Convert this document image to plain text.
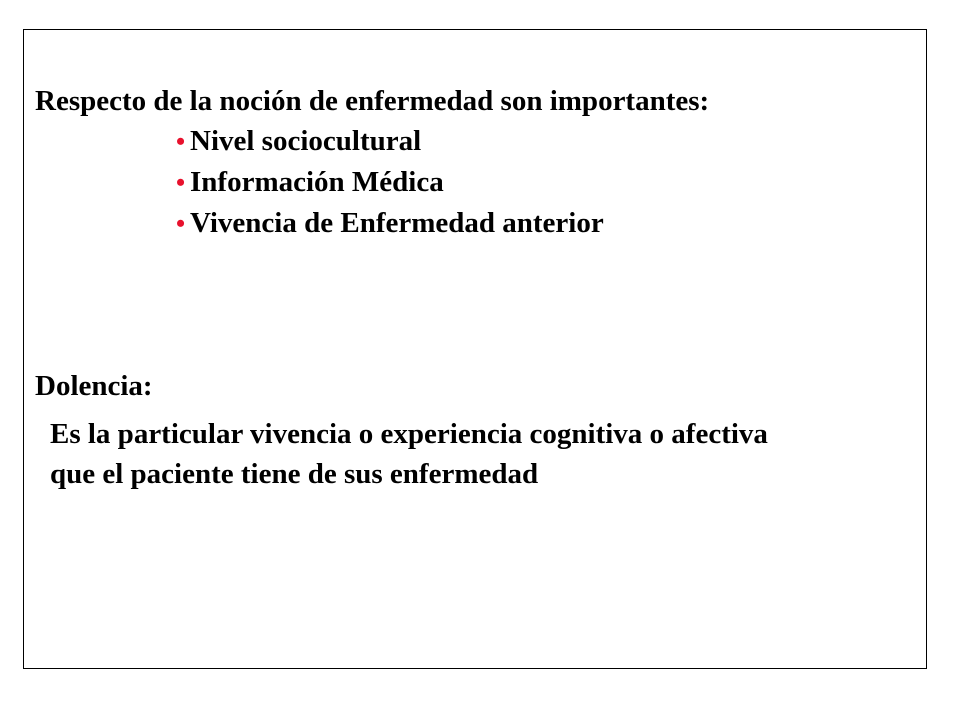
Respecto de la noción de enfermedad son importantes:
• Nivel sociocultural
• Información Médica
• Vivencia de Enfermedad anterior
Dolencia:
Es la particular vivencia o experiencia cognitiva o afectiva
que el paciente tiene de sus enfermedad
